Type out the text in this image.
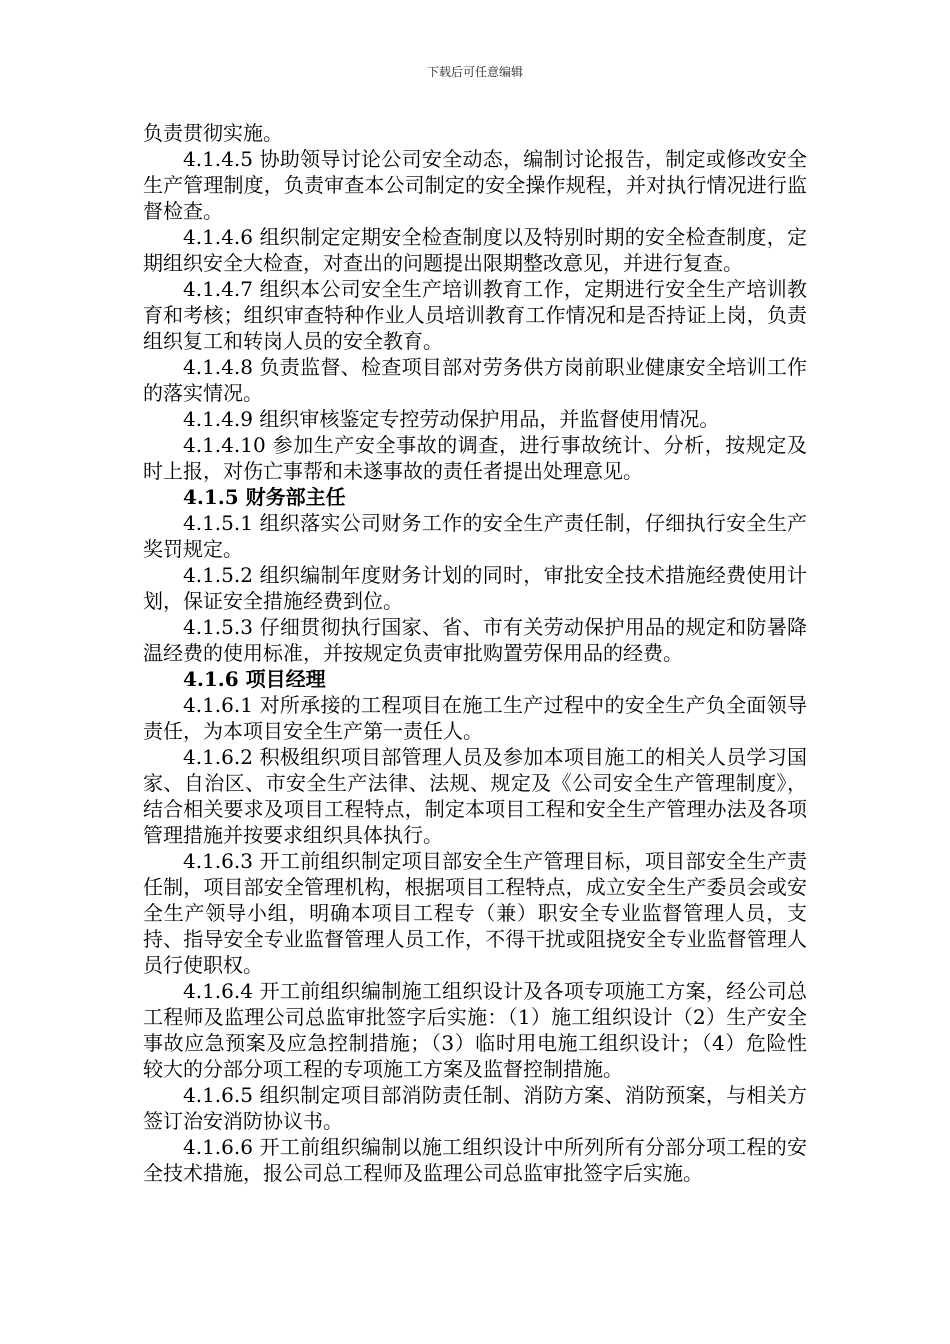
下载后可任意编辑

负责贯彻实施。

4.1.4.5 协助领导讨论公司安全动态，编制讨论报告，制定或修改安全生产管理制度，负责审查本公司制定的安全操作规程，并对执行情况进行监督检查。

4.1.4.6 组织制定定期安全检查制度以及特别时期的安全检查制度，定期组织安全大检查，对查出的问题提出限期整改意见，并进行复查。

4.1.4.7 组织本公司安全生产培训教育工作，定期进行安全生产培训教育和考核；组织审查特种作业人员培训教育工作情况和是否持证上岗，负责组织复工和转岗人员的安全教育。

4.1.4.8 负责监督、检查项目部对劳务供方岗前职业健康安全培训工作的落实情况。

4.1.4.9 组织审核鉴定专控劳动保护用品，并监督使用情况。

4.1.4.10 参加生产安全事故的调查，进行事故统计、分析，按规定及时上报，对伤亡事帮和未遂事故的责任者提出处理意见。

4.1.5 财务部主任

4.1.5.1 组织落实公司财务工作的安全生产责任制，仔细执行安全生产奖罚规定。

4.1.5.2 组织编制年度财务计划的同时，审批安全技术措施经费使用计划，保证安全措施经费到位。

4.1.5.3 仔细贯彻执行国家、省、市有关劳动保护用品的规定和防暑降温经费的使用标准，并按规定负责审批购置劳保用品的经费。

4.1.6 项目经理

4.1.6.1 对所承接的工程项目在施工生产过程中的安全生产负全面领导责任，为本项目安全生产第一责任人。

4.1.6.2 积极组织项目部管理人员及参加本项目施工的相关人员学习国家、自治区、市安全生产法律、法规、规定及《公司安全生产管理制度》，结合相关要求及项目工程特点，制定本项目工程和安全生产管理办法及各项管理措施并按要求组织具体执行。

4.1.6.3 开工前组织制定项目部安全生产管理目标，项目部安全生产责任制，项目部安全管理机构，根据项目工程特点，成立安全生产委员会或安全生产领导小组，明确本项目工程专（兼）职安全专业监督管理人员，支持、指导安全专业监督管理人员工作，不得干扰或阻挠安全专业监督管理人员行使职权。

4.1.6.4 开工前组织编制施工组织设计及各项专项施工方案，经公司总工程师及监理公司总监审批签字后实施：（1）施工组织设计（2）生产安全事故应急预案及应急控制措施；（3）临时用电施工组织设计；（4）危险性较大的分部分项工程的专项施工方案及监督控制措施。

4.1.6.5 组织制定项目部消防责任制、消防方案、消防预案，与相关方签订治安消防协议书。

4.1.6.6 开工前组织编制以施工组织设计中所列所有分部分项工程的安全技术措施，报公司总工程师及监理公司总监审批签字后实施。
